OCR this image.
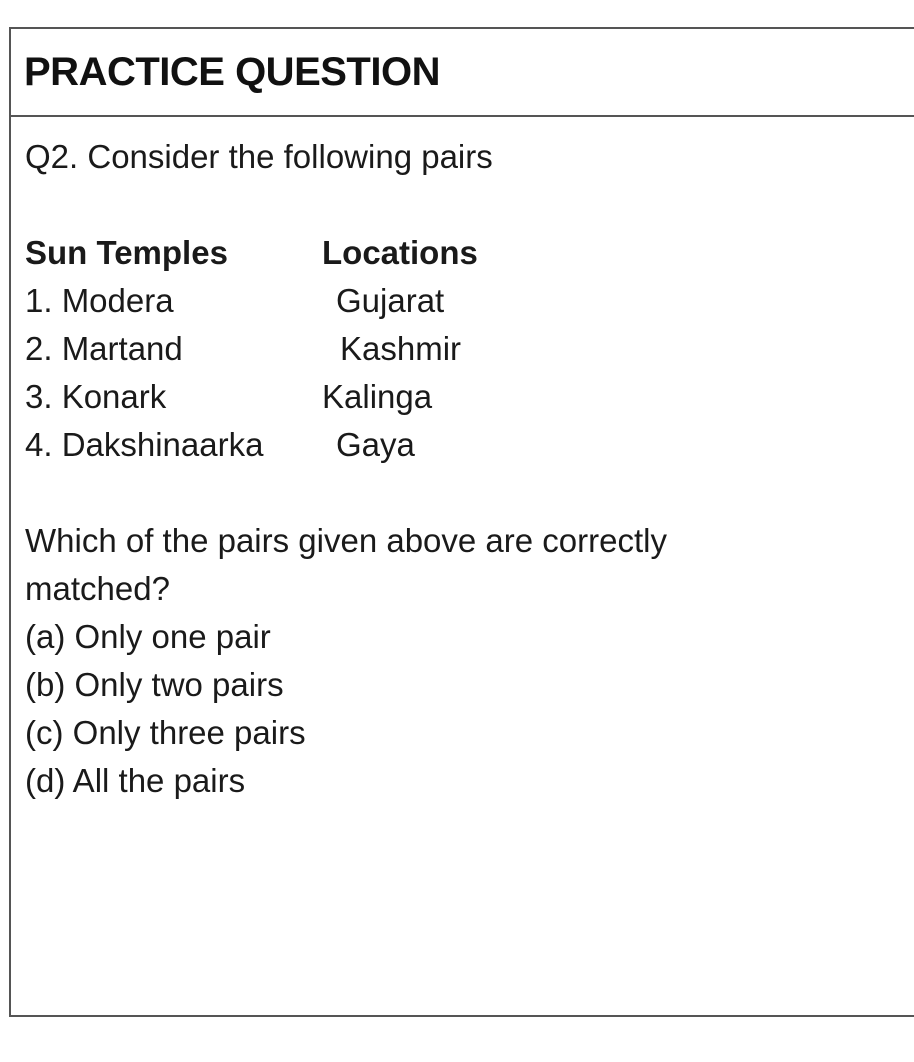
PRACTICE QUESTION
Q2. Consider the following pairs
Sun Temples	Locations
1. Modera	Gujarat
2. Martand	Kashmir
3. Konark	Kalinga
4. Dakshinaarka Gaya
Which of the pairs given above are correctly
matched?
(a) Only one pair
(b) Only two pairs
(c) Only three pairs
(d) All the pairs
